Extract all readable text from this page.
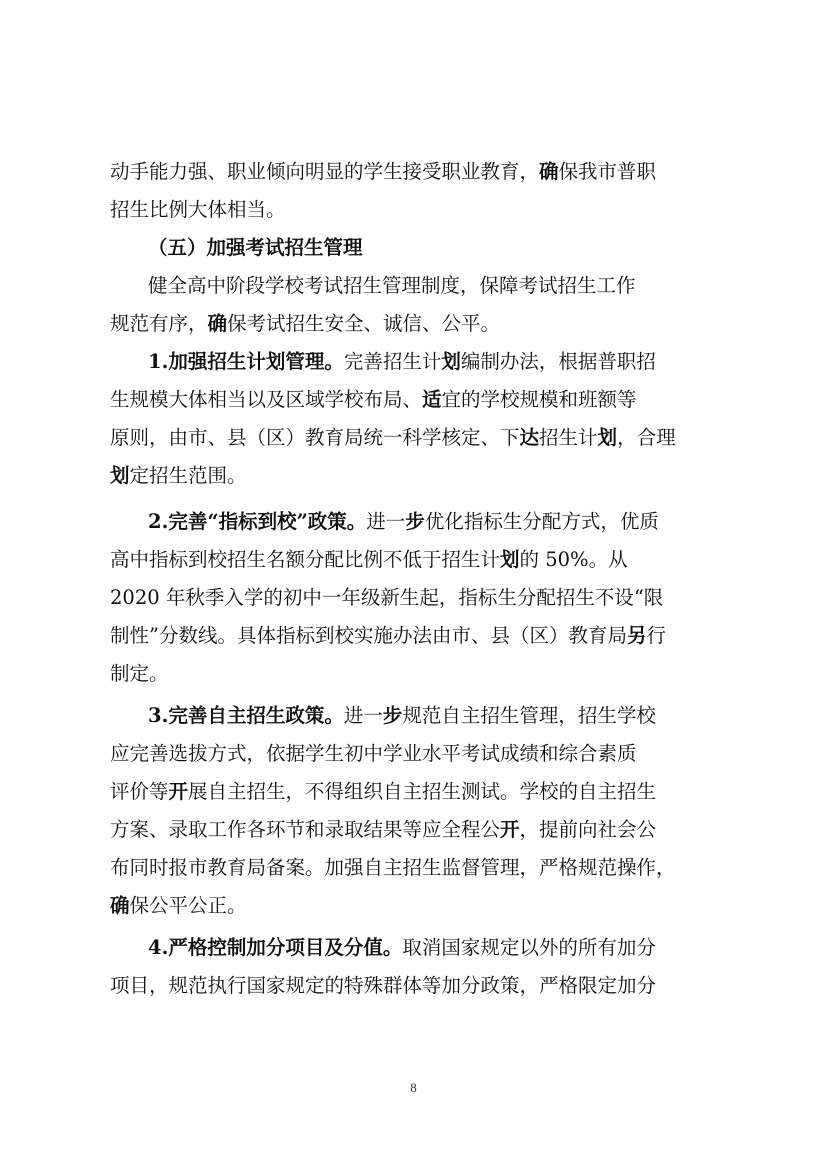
动手能力强、职业倾向明显的学生接受职业教育，确保我市普职
招生比例大体相当。
（五）加强考试招生管理
健全高中阶段学校考试招生管理制度，保障考试招生工作
规范有序，确保考试招生安全、诚信、公平。
1.加强招生计划管理。完善招生计划编制办法，根据普职招
生规模大体相当以及区域学校布局、适宜的学校规模和班额等
原则，由市、县（区）教育局统一科学核定、下达招生计划，合理
划定招生范围。
2.完善“指标到校”政策。进一步优化指标生分配方式，优质
高中指标到校招生名额分配比例不低于招生计划的 50%。从
2020 年秋季入学的初中一年级新生起，指标生分配招生不设“限
制性”分数线。具体指标到校实施办法由市、县（区）教育局另行
制定。
3.完善自主招生政策。进一步规范自主招生管理，招生学校
应完善选拔方式，依据学生初中学业水平考试成绩和综合素质
评价等开展自主招生，不得组织自主招生测试。学校的自主招生
方案、录取工作各环节和录取结果等应全程公开，提前向社会公
布同时报市教育局备案。加强自主招生监督管理，严格规范操作，
确保公平公正。
4.严格控制加分项目及分值。取消国家规定以外的所有加分
项目，规范执行国家规定的特殊群体等加分政策，严格限定加分
8
